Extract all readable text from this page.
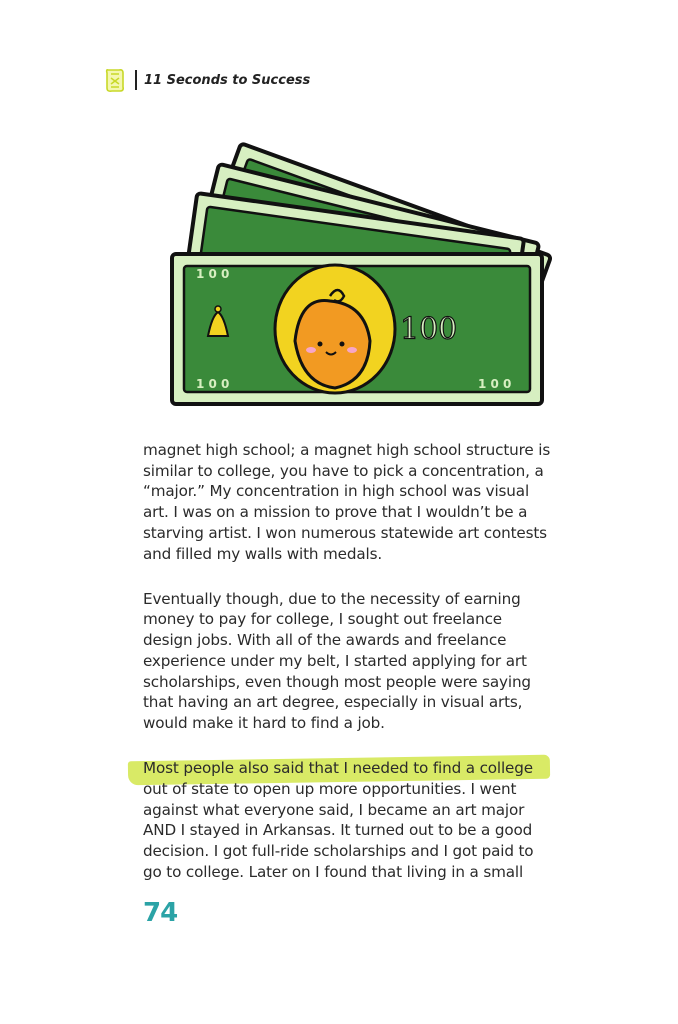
11 Seconds to Success
1 0 0
1 0 0	1 0 0
100

magnet high school; a magnet high school structure is similar to college, you have to pick a concentration, a “major.” My concentration in high school was visual art. I was on a mission to prove that I wouldn’t be a starving artist. I won numerous statewide art contests and filled my walls with medals.

Eventually though, due to the necessity of earning money to pay for college, I sought out freelance design jobs. With all of the awards and freelance experience under my belt, I started applying for art scholarships, even though most people were saying that having an art degree, especially in visual arts, would make it hard to find a job.

Most people also said that I needed to find a college out of state to open up more opportunities. I went against what everyone said, I became an art major AND I stayed in Arkansas. It turned out to be a good decision. I got full-ride scholarships and I got paid to go to college. Later on I found that living in a small

74
